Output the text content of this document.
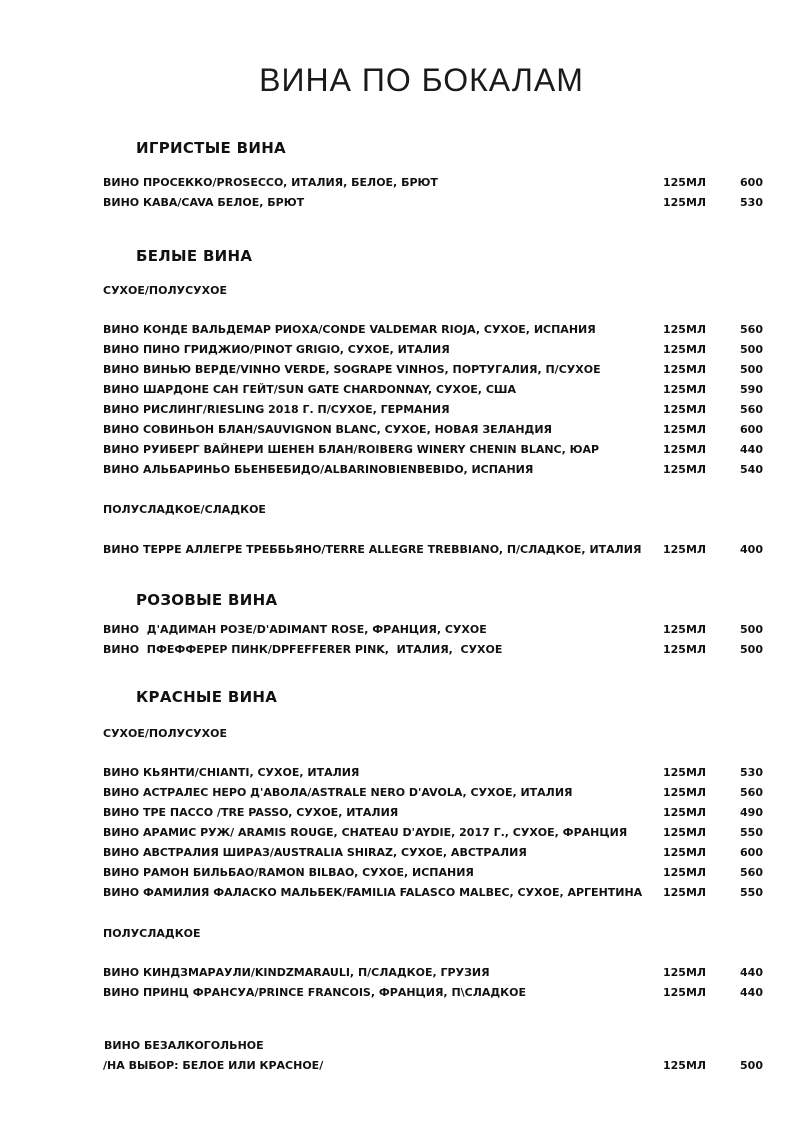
ВИНА ПО БОКАЛАМ
ИГРИСТЫЕ ВИНА
ВИНО ПРОСЕККО/PROSECCO, ИТАЛИЯ, БЕЛОЕ, БРЮТ	125МЛ	600
ВИНО КАВА/CAVA БЕЛОЕ, БРЮТ	125МЛ	530
БЕЛЫЕ ВИНА
СУХОЕ/ПОЛУСУХОЕ
ВИНО КОНДЕ ВАЛЬДЕМАР РИОХА/CONDE VALDEMAR RIOJA, СУХОЕ, ИСПАНИЯ	125МЛ	560
ВИНО ПИНО ГРИДЖИО/PINOT GRIGIO, СУХОЕ, ИТАЛИЯ	125МЛ	500
ВИНО ВИНЬЮ ВЕРДЕ/VINHO VERDE, SOGRAPE VINHOS, ПОРТУГАЛИЯ, П/СУХОЕ	125МЛ	500
ВИНО ШАРДОНЕ САН ГЕЙТ/SUN GATE CHARDONNAY, СУХОЕ, США	125МЛ	590
ВИНО РИСЛИНГ/RIESLING 2018 Г. П/СУХОЕ, ГЕРМАНИЯ	125МЛ	560
ВИНО СОВИНЬОН БЛАН/SAUVIGNON BLANC, СУХОЕ, НОВАЯ ЗЕЛАНДИЯ	125МЛ	600
ВИНО РУИБЕРГ ВАЙНЕРИ ШЕНЕН БЛАН/ROIBERG WINERY CHENIN BLANC, ЮАР	125МЛ	440
ВИНО АЛЬБАРИНЬО БЬЕНБЕБИДО/ALBARINOBIENBEBIDO, ИСПАНИЯ	125МЛ	540
ПОЛУСЛАДКОЕ/СЛАДКОЕ
ВИНО ТЕРРЕ АЛЛЕГРЕ ТРЕББЬЯНО/TERRE ALLEGRE TREBBIANO, П/СЛАДКОЕ, ИТАЛИЯ 125МЛ	400
РОЗОВЫЕ ВИНА
ВИНО  Д'АДИМАН РОЗЕ/D'ADIMANT ROSE, ФРАНЦИЯ, СУХОЕ	125МЛ	500
ВИНО  ПФЕФФЕРЕР ПИНК/DPFEFFERER PINK,  ИТАЛИЯ,  СУХОЕ	125МЛ	500
КРАСНЫЕ ВИНА
СУХОЕ/ПОЛУСУХОЕ
ВИНО КЬЯНТИ/CHIANTI, СУХОЕ, ИТАЛИЯ	125МЛ	530
ВИНО АСТРАЛЕС НЕРО Д'АВОЛА/ASTRALE NERO D'AVOLA, СУХОЕ, ИТАЛИЯ	125МЛ	560
ВИНО ТРЕ ПАССО /TRE PASSO, СУХОЕ, ИТАЛИЯ	125МЛ	490
ВИНО АРАМИС РУЖ/ ARAMIS ROUGE, CHATEAU D'AYDIE, 2017 Г., СУХОЕ, ФРАНЦИЯ	125МЛ	550
ВИНО АВСТРАЛИЯ ШИРАЗ/AUSTRALIA SHIRAZ, СУХОЕ, АВСТРАЛИЯ	125МЛ	600
ВИНО РАМОН БИЛЬБАО/RAMON BILBAO, СУХОЕ, ИСПАНИЯ	125МЛ	560
ВИНО ФАМИЛИЯ ФАЛАСКО МАЛЬБЕК/FAMILIA FALASCO MALBEC, СУХОЕ, АРГЕНТИНА 125МЛ	550
ПОЛУСЛАДКОЕ
ВИНО КИНДЗМАРАУЛИ/KINDZMARAULI, П/СЛАДКОЕ, ГРУЗИЯ	125МЛ	440
ВИНО ПРИНЦ ФРАНСУА/PRINCE FRANCOIS, ФРАНЦИЯ, П\СЛАДКОЕ	125МЛ	440
ВИНО БЕЗАЛКОГОЛЬНОЕ
/НА ВЫБОР: БЕЛОЕ ИЛИ КРАСНОЕ/	125МЛ	500
